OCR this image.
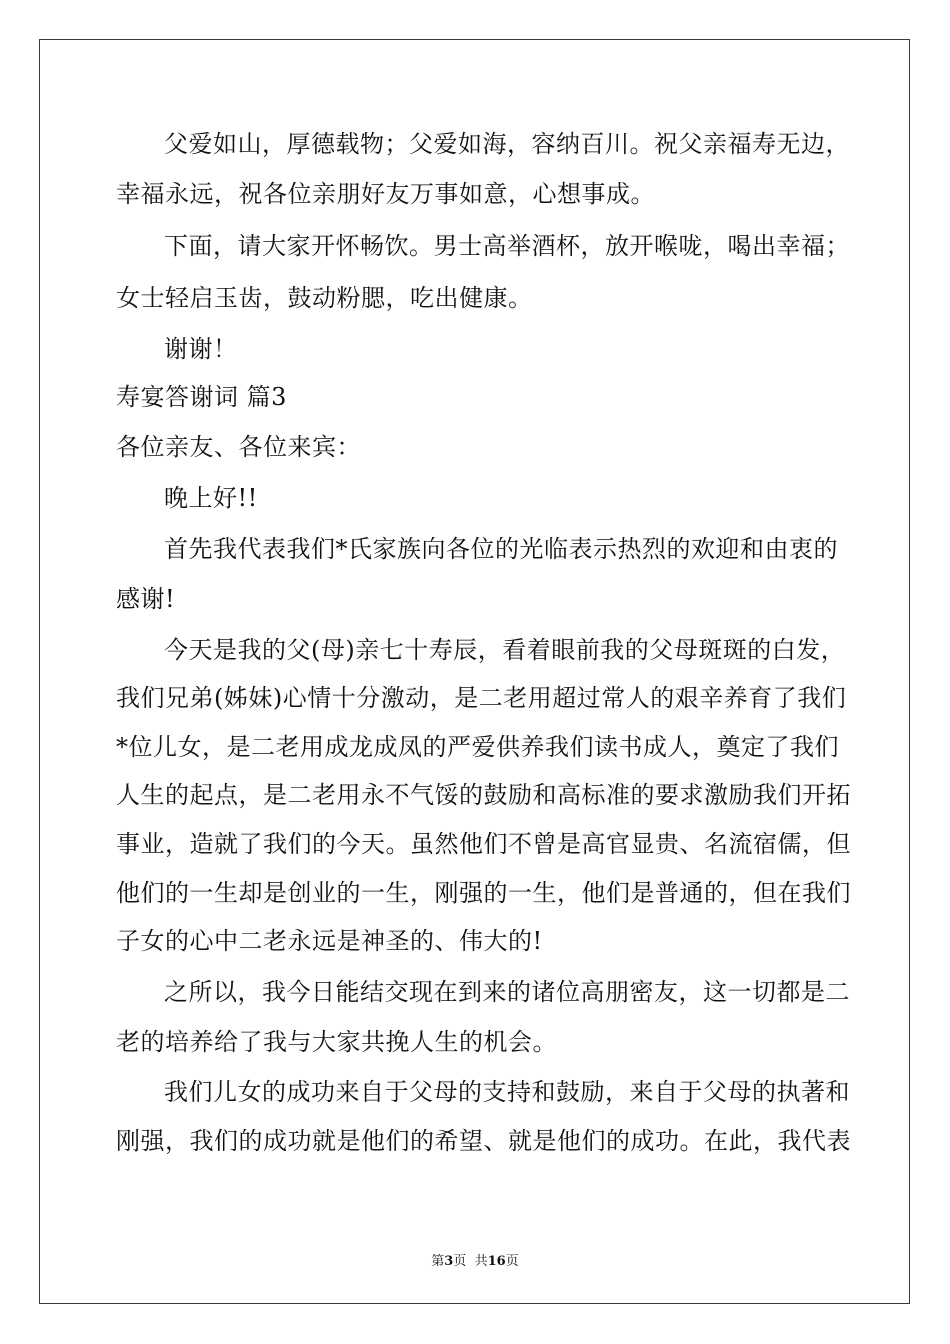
父爱如山，厚德载物；父爱如海，容纳百川。祝父亲福寿无边，
幸福永远，祝各位亲朋好友万事如意，心想事成。
下面，请大家开怀畅饮。男士高举酒杯，放开喉咙，喝出幸福；
女士轻启玉齿，鼓动粉腮，吃出健康。
谢谢！
寿宴答谢词 篇3
各位亲友、各位来宾：
晚上好!!
首先我代表我们*氏家族向各位的光临表示热烈的欢迎和由衷的
感谢!
今天是我的父(母)亲七十寿辰，看着眼前我的父母斑斑的白发，
我们兄弟(姊妹)心情十分激动，是二老用超过常人的艰辛养育了我们
*位儿女，是二老用成龙成凤的严爱供养我们读书成人，奠定了我们
人生的起点，是二老用永不气馁的鼓励和高标准的要求激励我们开拓
事业，造就了我们的今天。虽然他们不曾是高官显贵、名流宿儒，但
他们的一生却是创业的一生，刚强的一生，他们是普通的，但在我们
子女的心中二老永远是神圣的、伟大的!
之所以，我今日能结交现在到来的诸位高朋密友，这一切都是二
老的培养给了我与大家共挽人生的机会。
我们儿女的成功来自于父母的支持和鼓励，来自于父母的执著和
刚强，我们的成功就是他们的希望、就是他们的成功。在此，我代表
第3页  共16页
